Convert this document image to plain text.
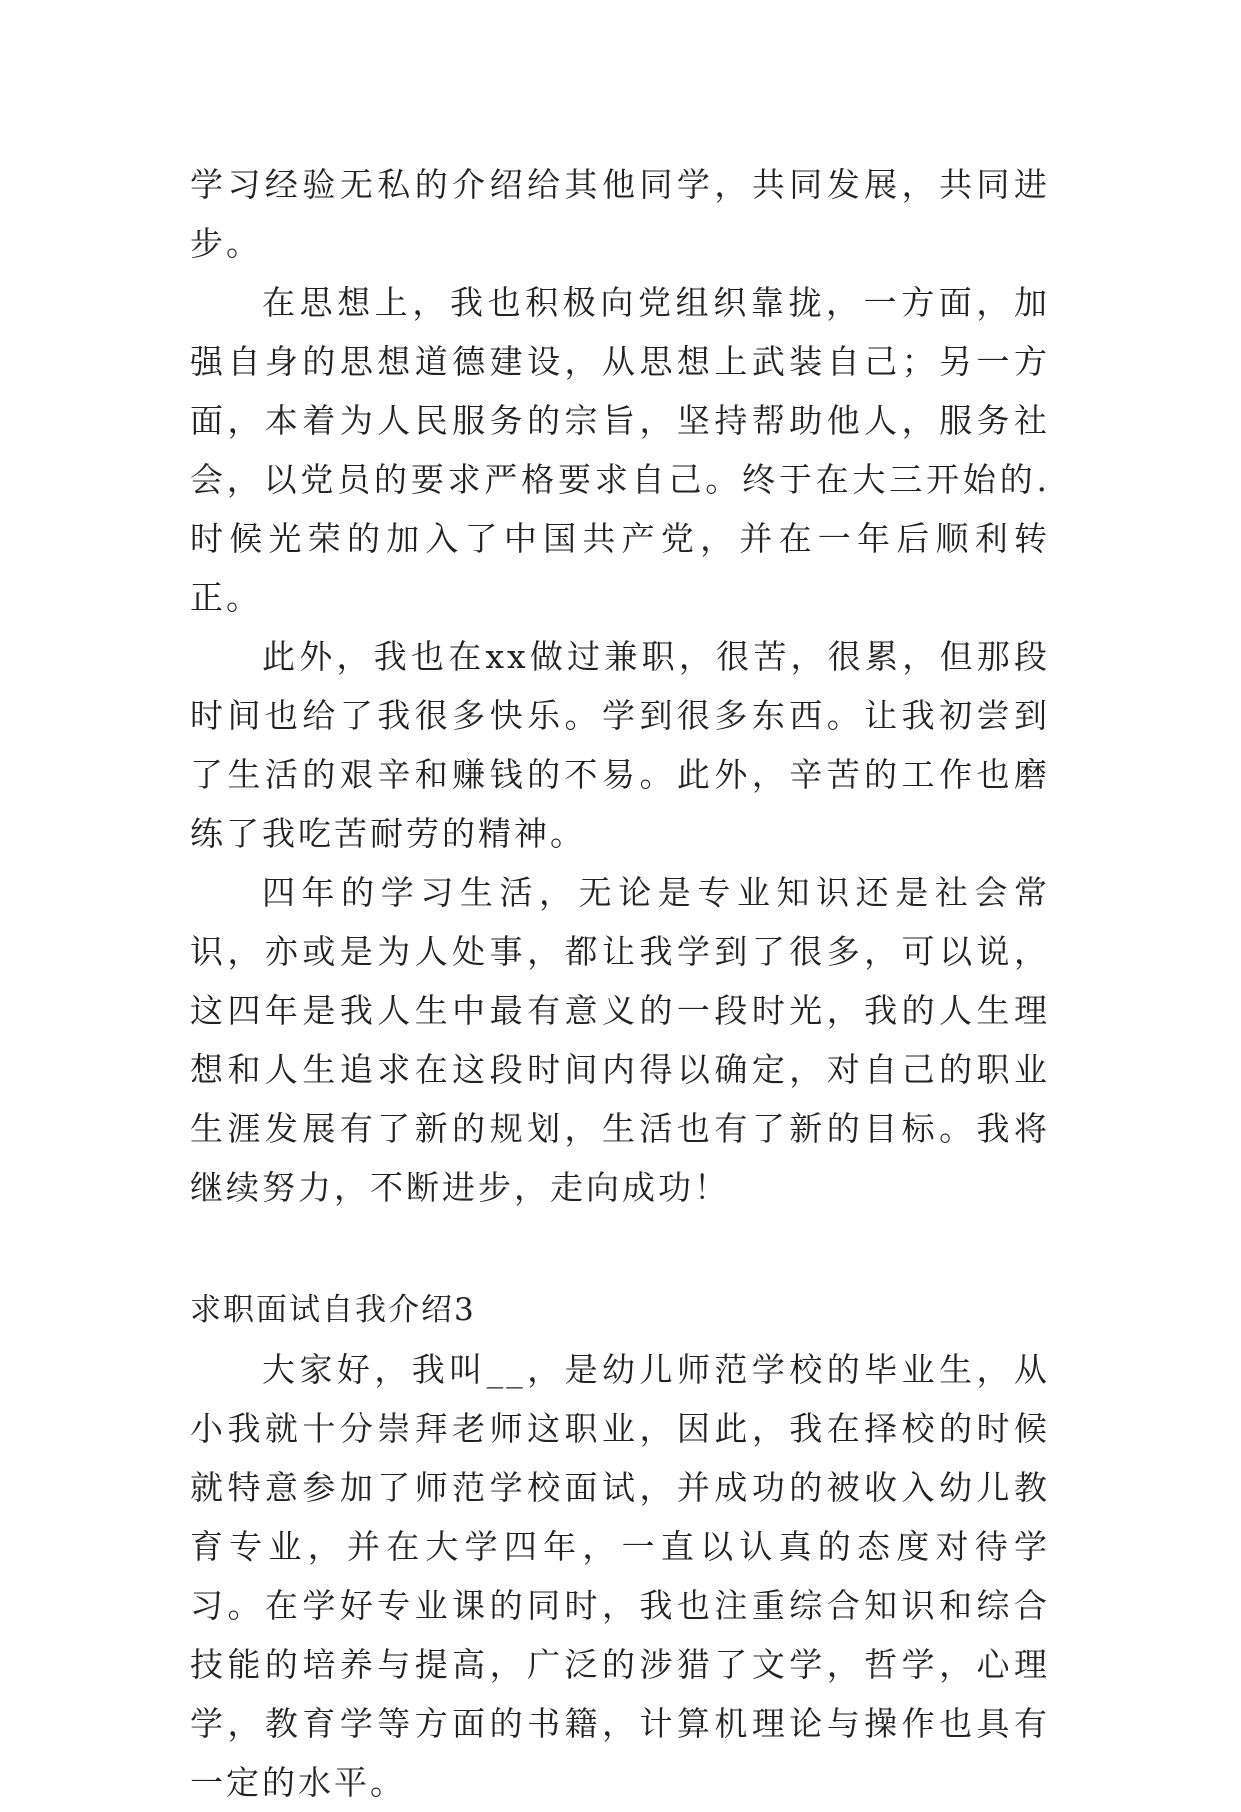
学习经验无私的介绍给其他同学，共同发展，共同进步。

在思想上，我也积极向党组织靠拢，一方面，加强自身的思想道德建设，从思想上武装自己；另一方面，本着为人民服务的宗旨，坚持帮助他人，服务社会，以党员的要求严格要求自己。终于在大三开始的.时候光荣的加入了中国共产党，并在一年后顺利转正。

此外，我也在xx做过兼职，很苦，很累，但那段时间也给了我很多快乐。学到很多东西。让我初尝到了生活的艰辛和赚钱的不易。此外，辛苦的工作也磨练了我吃苦耐劳的精神。

四年的学习生活，无论是专业知识还是社会常识，亦或是为人处事，都让我学到了很多，可以说，这四年是我人生中最有意义的一段时光，我的人生理想和人生追求在这段时间内得以确定，对自己的职业生涯发展有了新的规划，生活也有了新的目标。我将继续努力，不断进步，走向成功！

求职面试自我介绍3

大家好，我叫__，是幼儿师范学校的毕业生，从小我就十分崇拜老师这职业，因此，我在择校的时候就特意参加了师范学校面试，并成功的被收入幼儿教育专业，并在大学四年，一直以认真的态度对待学习。在学好专业课的同时，我也注重综合知识和综合技能的培养与提高，广泛的涉猎了文学，哲学，心理学，教育学等方面的书籍，计算机理论与操作也具有一定的水平。
